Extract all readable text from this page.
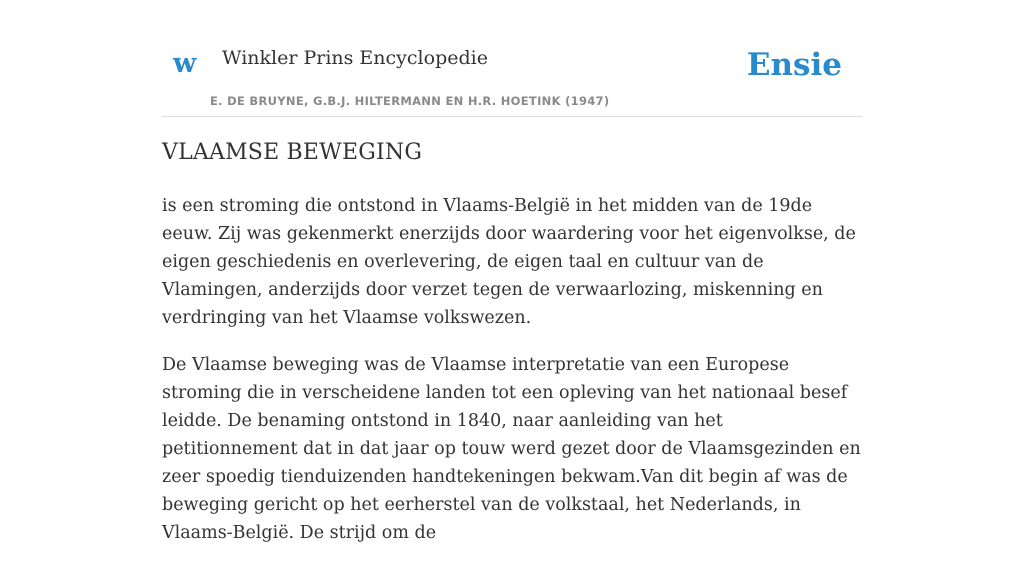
w Winkler Prins Encyclopedie
E. DE BRUYNE, G.B.J. HILTERMANN EN H.R. HOETINK (1947)
Ensie
VLAAMSE BEWEGING

is een stroming die ontstond in Vlaams-België in het midden van de 19de eeuw. Zij was gekenmerkt enerzijds door waardering voor het eigenvolkse, de eigen geschiedenis en overlevering, de eigen taal en cultuur van de Vlamingen, anderzijds door verzet tegen de verwaarlozing, miskenning en verdringing van het Vlaamse volkswezen.

De Vlaamse beweging was de Vlaamse interpretatie van een Europese stroming die in verscheidene landen tot een opleving van het nationaal besef leidde. De benaming ontstond in 1840, naar aanleiding van het petitionnement dat in dat jaar op touw werd gezet door de Vlaamsgezinden en zeer spoedig tienduizenden handtekeningen bekwam.Van dit begin af was de beweging gericht op het eerherstel van de volkstaal, het Nederlands, in Vlaams-België. De strijd om de
